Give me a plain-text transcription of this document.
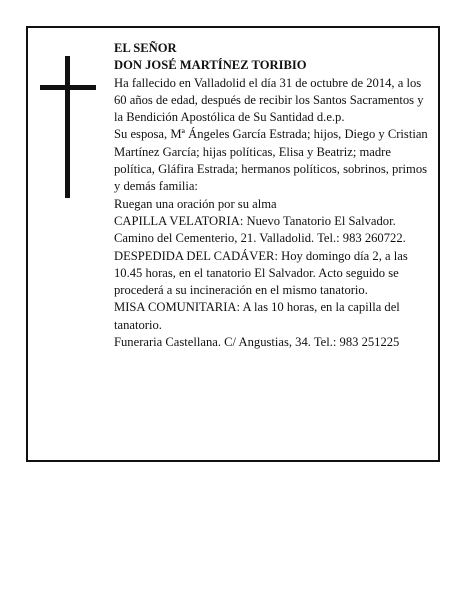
EL SEÑOR

DON JOSÉ MARTÍNEZ TORIBIO

Ha fallecido en Valladolid el día 31 de octubre de 2014, a los 60 años de edad, después de recibir los Santos Sacramentos y la Bendición Apostólica de Su Santidad d.e.p.

Su esposa, Mª Ángeles García Estrada; hijos, Diego y Cristian Martínez García; hijas políticas, Elisa y Beatriz; madre política, Gláfira Estrada; hermanos políticos, sobrinos, primos y demás familia:

Ruegan una oración por su alma

CAPILLA VELATORIA: Nuevo Tanatorio El Salvador. Camino del Cementerio, 21. Valladolid. Tel.: 983 260722.

DESPEDIDA DEL CADÁVER: Hoy domingo día 2, a las 10.45 horas, en el tanatorio El Salvador. Acto seguido se procederá a su incineración en el mismo tanatorio.

MISA COMUNITARIA: A las 10 horas, en la capilla del tanatorio.

Funeraria Castellana. C/ Angustias, 34. Tel.: 983 251225
